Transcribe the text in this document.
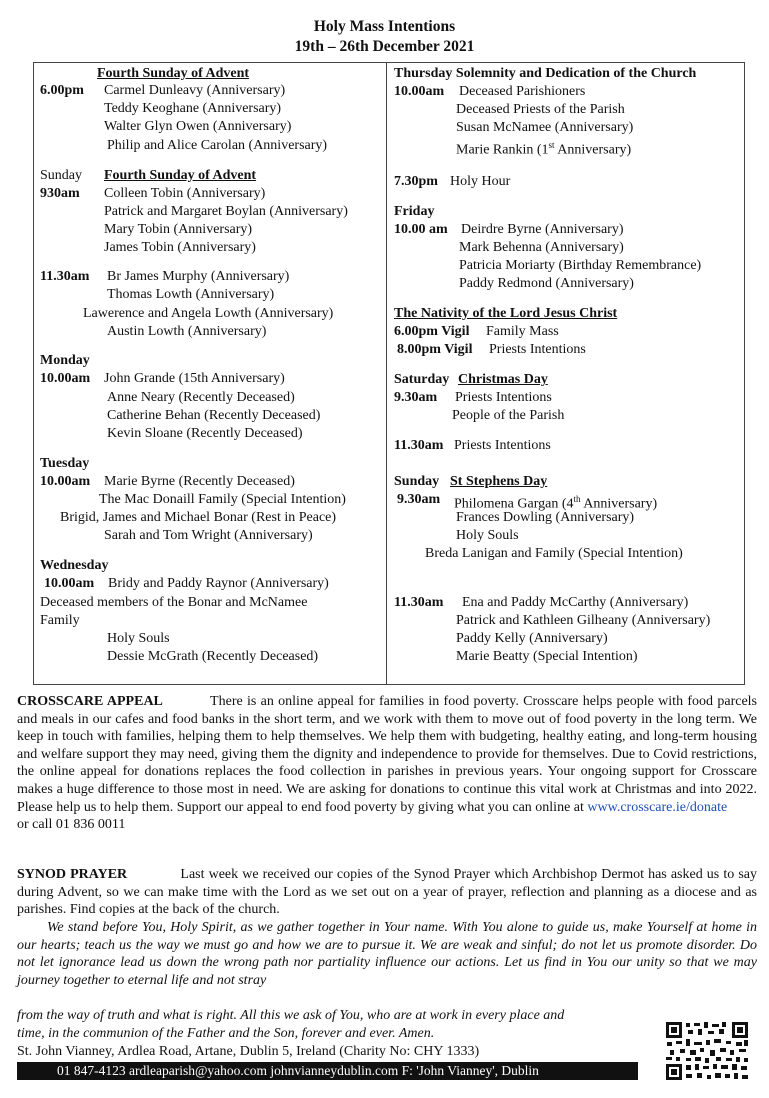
Holy Mass Intentions
19th – 26th December 2021
Fourth Sunday of Advent
6.00pm Carmel Dunleavy (Anniversary)
Teddy Keoghane (Anniversary)
Walter Glyn Owen (Anniversary)
Philip and Alice Carolan (Anniversary)
Sunday Fourth Sunday of Advent
930am Colleen Tobin (Anniversary)
Patrick and Margaret Boylan (Anniversary)
Mary Tobin (Anniversary)
James Tobin (Anniversary)
11.30am Br James Murphy (Anniversary)
Thomas Lowth (Anniversary)
Lawerence and Angela Lowth (Anniversary)
Austin Lowth (Anniversary)
Monday
10.00am John Grande (15th Anniversary)
Anne Neary (Recently Deceased)
Catherine Behan (Recently Deceased)
Kevin Sloane (Recently Deceased)
Tuesday
10.00am Marie Byrne (Recently Deceased)
The Mac Donaill Family (Special Intention)
Brigid, James and Michael Bonar (Rest in Peace)
Sarah and Tom Wright (Anniversary)
Wednesday
10.00am Bridy and Paddy Raynor (Anniversary)
Deceased members of the Bonar and McNamee
Family
Holy Souls
Dessie McGrath (Recently Deceased)
Thursday Solemnity and Dedication of the Church
10.00am Deceased Parishioners
Deceased Priests of the Parish
Susan McNamee (Anniversary)
Marie Rankin (1st Anniversary)
7.30pm Holy Hour
Friday
10.00 am Deirdre Byrne (Anniversary)
Mark Behenna (Anniversary)
Patricia Moriarty (Birthday Remembrance)
Paddy Redmond (Anniversary)
The Nativity of the Lord Jesus Christ
6.00pm Vigil Family Mass
8.00pm Vigil Priests Intentions
Saturday Christmas Day
9.30am Priests Intentions
People of the Parish
11.30am Priests Intentions
Sunday St Stephens Day
9.30am Philomena Gargan (4th Anniversary)
Frances Dowling (Anniversary)
Holy Souls
Breda Lanigan and Family (Special Intention)
11.30am Ena and Paddy McCarthy (Anniversary)
Patrick and Kathleen Gilheany (Anniversary)
Paddy Kelly (Anniversary)
Marie Beatty (Special Intention)
CROSSCARE APPEAL	There is an online appeal for families in food poverty. Crosscare helps people with food parcels and meals in our cafes and food banks in the short term, and we work with them to move out of food poverty in the long term. We keep in touch with families, helping them to help themselves. We help them with budgeting, healthy eating, and long-term housing and welfare support they may need, giving them the dignity and independence to provide for themselves. Due to Covid restrictions, the online appeal for donations replaces the food collection in parishes in previous years. Your ongoing support for Crosscare makes a huge difference to those most in need. We are asking for donations to continue this vital work at Christmas and into 2022. Please help us to help them. Support our appeal to end food poverty by giving what you can online at www.crosscare.ie/donate
or call 01 836 0011
SYNOD PRAYER	Last week we received our copies of the Synod Prayer which Archbishop Dermot has asked us to say during Advent, so we can make time with the Lord as we set out on a year of prayer, reflection and planning as a diocese and as parishes. Find copies at the back of the church.
We stand before You, Holy Spirit, as we gather together in Your name. With You alone to guide us, make Yourself at home in our hearts; teach us the way we must go and how we are to pursue it. We are weak and sinful; do not let us promote disorder. Do not let ignorance lead us down the wrong path nor partiality influence our actions. Let us find in You our unity so that we may journey together to eternal life and not stray
from the way of truth and what is right. All this we ask of You, who are at work in every place and
time, in the communion of the Father and the Son, forever and ever. Amen.
St. John Vianney, Ardlea Road, Artane, Dublin 5, Ireland (Charity No: CHY 1333)
01 847-4123 ardleaparish@yahoo.com johnvianneydublin.com F: 'John Vianney', Dublin
